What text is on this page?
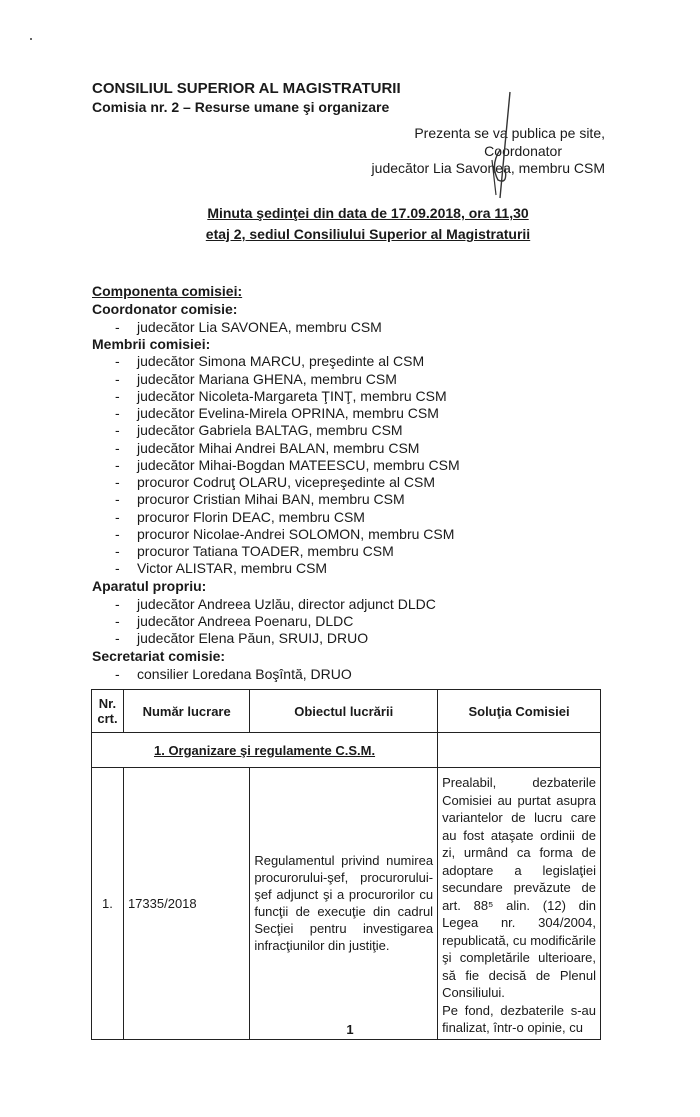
CONSILIUL SUPERIOR AL MAGISTRATURII
Comisia nr. 2 – Resurse umane şi organizare
Prezenta se va publica pe site,
Coordonator
judecător Lia Savonea, membru CSM
Minuta şedinţei din data de 17.09.2018, ora 11,30
etaj 2, sediul Consiliului Superior al Magistraturii
Componenta comisiei:
Coordonator comisie:
- judecător Lia SAVONEA, membru CSM
Membrii comisiei:
- judecător Simona MARCU, preşedinte al CSM
- judecător Mariana GHENA, membru CSM
- judecător Nicoleta-Margareta ŢINŢ, membru CSM
- judecător Evelina-Mirela OPRINA, membru CSM
- judecător Gabriela BALTAG, membru CSM
- judecător Mihai Andrei BALAN, membru CSM
- judecător Mihai-Bogdan MATEESCU, membru CSM
- procuror Codruţ OLARU, vicepreşedinte al CSM
- procuror Cristian Mihai BAN, membru CSM
- procuror Florin DEAC, membru CSM
- procuror Nicolae-Andrei SOLOMON, membru CSM
- procuror Tatiana TOADER, membru CSM
- Victor ALISTAR, membru CSM
Aparatul propriu:
- judecător Andreea Uzlău, director adjunct DLDC
- judecător Andreea Poenaru, DLDC
- judecător Elena Păun, SRUIJ, DRUO
Secretariat comisie:
- consilier Loredana Boşîntă, DRUO
Nr. crt.	Număr lucrare	Obiectul lucrării	Soluţia Comisiei
1. Organizare şi regulamente C.S.M.			
1.	17335/2018	Regulamentul privind numirea procurorului-şef, procurorului-şef adjunct şi a procurorilor cu funcţii de execuţie din cadrul Secţiei pentru investigarea infracţiunilor din justiţie.	Prealabil, dezbaterile Comisiei au purtat asupra variantelor de lucru care au fost ataşate ordinii de zi, urmând ca forma de adoptare a legislaţiei secundare prevăzute de art. 88⁵ alin. (12) din Legea nr. 304/2004, republicată, cu modificările şi completările ulterioare, să fie decisă de Plenul Consiliului.
Pe fond, dezbaterile s-au finalizat, într-o opinie, cu
1
